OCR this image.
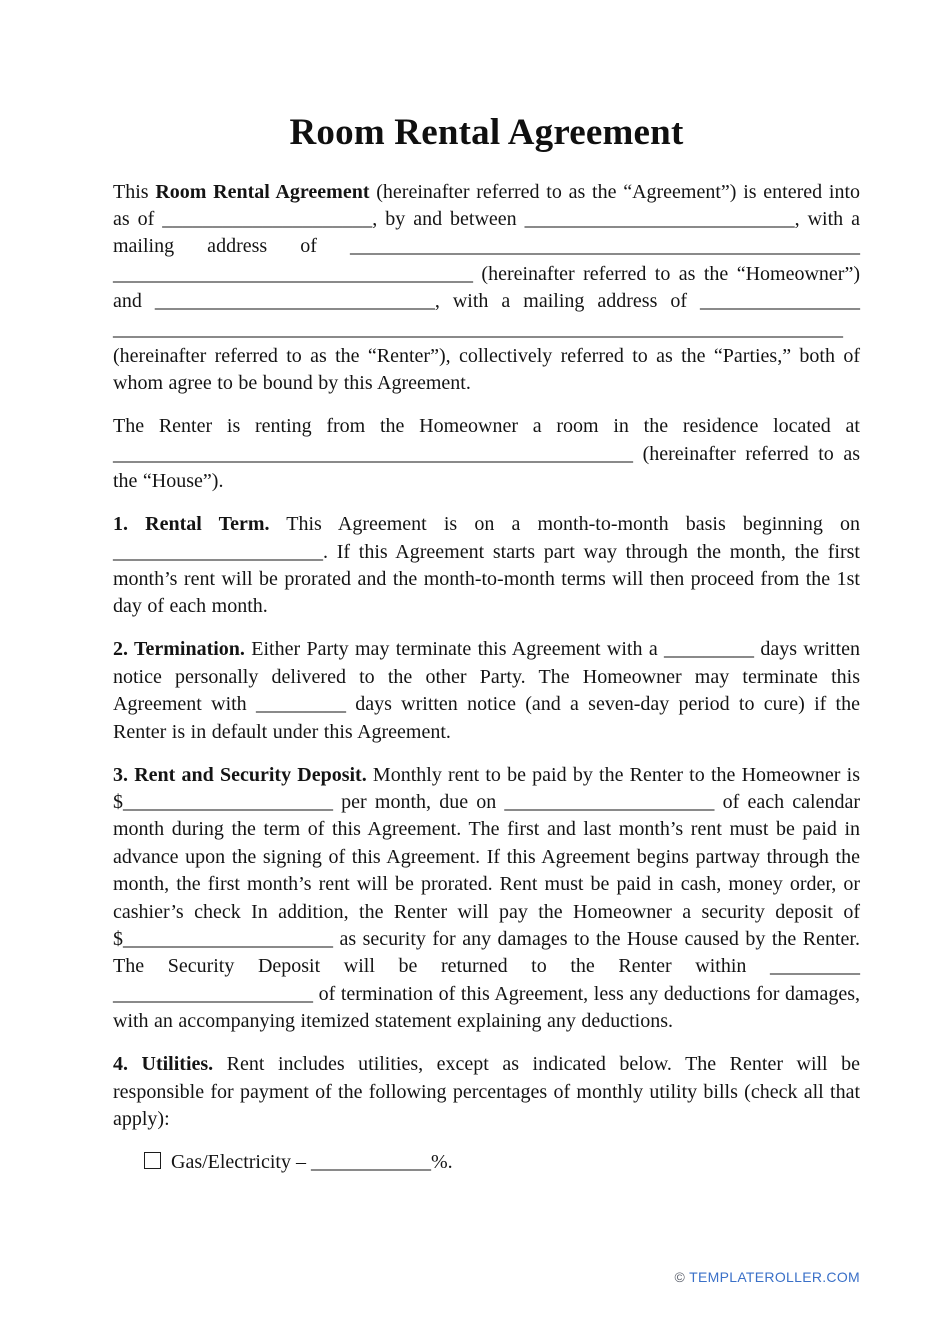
Room Rental Agreement

This Room Rental Agreement (hereinafter referred to as the “Agreement”) is entered into as of _____________________, by and between ___________________________, with a mailing address of ___________________________________________________ ____________________________________ (hereinafter referred to as the “Homeowner”) and ____________________________, with a mailing address of ________________ _________________________________________________________________________ (hereinafter referred to as the “Renter”), collectively referred to as the “Parties,” both of whom agree to be bound by this Agreement.

The Renter is renting from the Homeowner a room in the residence located at ____________________________________________________ (hereinafter referred to as the “House”).

1. Rental Term. This Agreement is on a month-to-month basis beginning on _____________________. If this Agreement starts part way through the month, the first month’s rent will be prorated and the month-to-month terms will then proceed from the 1st day of each month.

2. Termination. Either Party may terminate this Agreement with a _________ days written notice personally delivered to the other Party. The Homeowner may terminate this Agreement with _________ days written notice (and a seven-day period to cure) if the Renter is in default under this Agreement.

3. Rent and Security Deposit. Monthly rent to be paid by the Renter to the Homeowner is $_____________________ per month, due on _____________________ of each calendar month during the term of this Agreement. The first and last month’s rent must be paid in advance upon the signing of this Agreement. If this Agreement begins partway through the month, the first month’s rent will be prorated. Rent must be paid in cash, money order, or cashier’s check In addition, the Renter will pay the Homeowner a security deposit of $_____________________ as security for any damages to the House caused by the Renter. The Security Deposit will be returned to the Renter within _________ ____________________ of termination of this Agreement, less any deductions for damages, with an accompanying itemized statement explaining any deductions.

4. Utilities. Rent includes utilities, except as indicated below. The Renter will be responsible for payment of the following percentages of monthly utility bills (check all that apply):

Gas/Electricity – ____________%.
© TEMPLATEROLLER.COM
